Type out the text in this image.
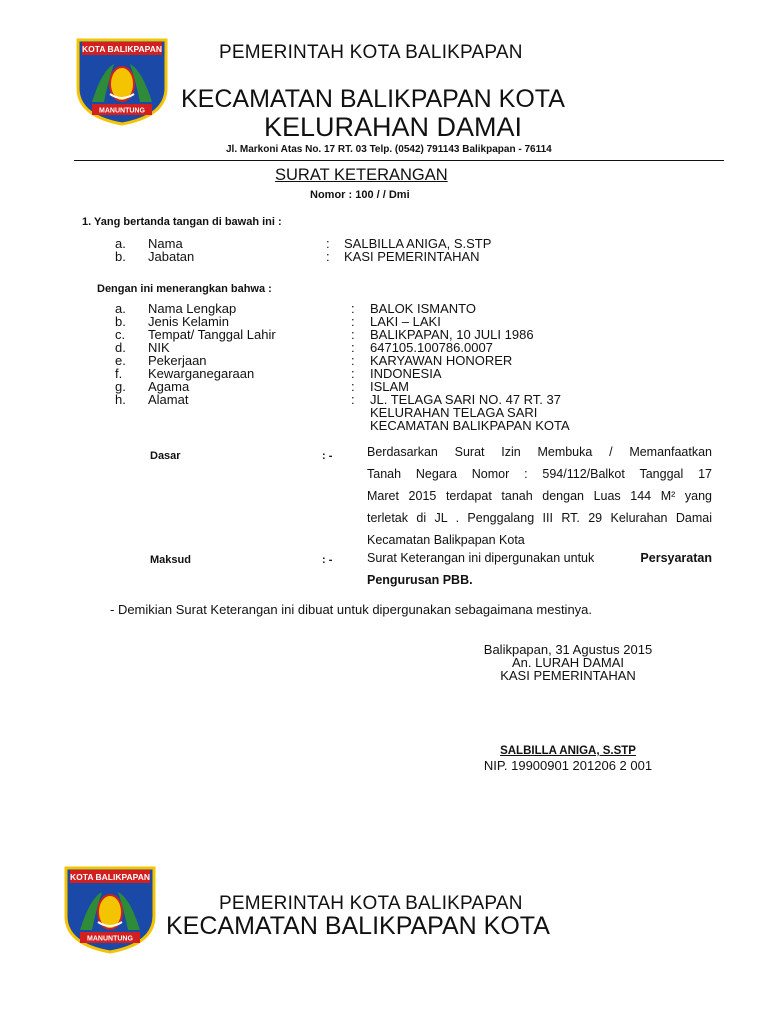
KOTA BALIKPAPAN
MANUNTUNG
PEMERINTAH KOTA BALIKPAPAN
KECAMATAN BALIKPAPAN KOTA
KELURAHAN DAMAI
Jl. Markoni Atas No. 17 RT. 03 Telp. (0542) 791143 Balikpapan - 76114
SURAT KETERANGAN
Nomor : 100 / / Dmi
1. Yang bertanda tangan di bawah ini :
a. Nama	: SALBILLA ANIGA, S.STP
b. Jabatan	: KASI PEMERINTAHAN
Dengan ini menerangkan bahwa :
a. Nama Lengkap	: BALOK ISMANTO
b. Jenis Kelamin	: LAKI – LAKI
c. Tempat/ Tanggal Lahir	: BALIKPAPAN, 10 JULI 1986
d. NIK	: 647105.100786.0007
e. Pekerjaan	: KARYAWAN HONORER
f. Kewarganegaraan	: INDONESIA
g. Agama	: ISLAM
h. Alamat	: JL. TELAGA SARI NO. 47 RT. 37
KELURAHAN TELAGA SARI
KECAMATAN BALIKPAPAN KOTA
Dasar	: -	Berdasarkan Surat Izin Membuka / Memanfaatkan
Tanah Negara Nomor : 594/112/Balkot Tanggal 17
Maret 2015 terdapat tanah dengan Luas 144 M² yang
terletak di JL . Penggalang III RT. 29 Kelurahan Damai
Kecamatan Balikpapan Kota
Maksud	: -	Surat Keterangan ini dipergunakan untuk	Persyaratan
Pengurusan PBB.
- Demikian Surat Keterangan ini dibuat untuk dipergunakan sebagaimana mestinya.
Balikpapan, 31 Agustus 2015
An. LURAH DAMAI
KASI PEMERINTAHAN
SALBILLA ANIGA, S.STP
NIP. 19900901 201206 2 001
KOTA BALIKPAPAN
MANUNTUNG
PEMERINTAH KOTA BALIKPAPAN
KECAMATAN BALIKPAPAN KOTA
